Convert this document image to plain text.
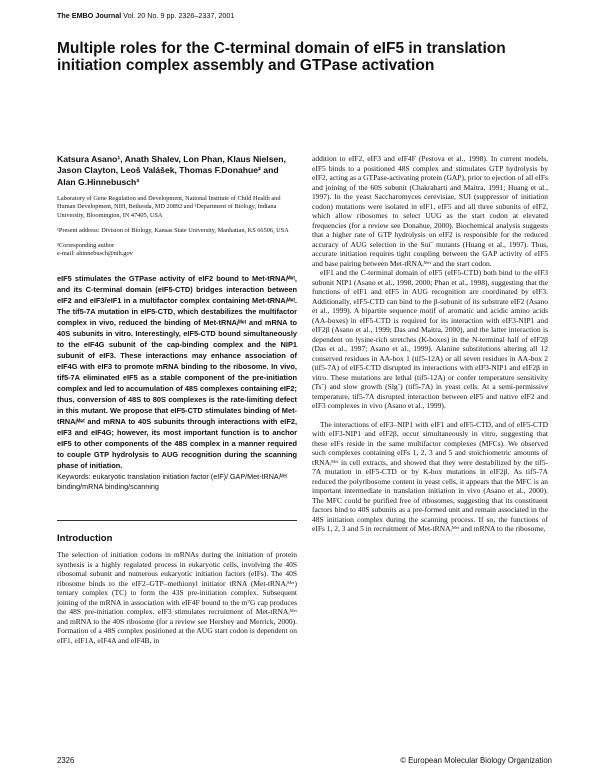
The EMBO Journal Vol. 20 No. 9 pp. 2326–2337, 2001
Multiple roles for the C-terminal domain of eIF5 in translation initiation complex assembly and GTPase activation

Katsura Asano¹, Anath Shalev, Lon Phan, Klaus Nielsen, Jason Clayton, Leoš Valášek, Thomas F.Donahue² and Alan G.Hinnebusch³

Laboratory of Gene Regulation and Development, National Institute of Child Health and Human Development, NIH, Bethesda, MD 20892 and ²Department of Biology, Indiana University, Bloomington, IN 47405, USA

¹Present address: Division of Biology, Kansas State University, Manhattan, KS 66506, USA

³Corresponding author

e-mail: ahinnebusch@nih.gov

eIF5 stimulates the GTPase activity of eIF2 bound to Met-tRNAᵢᴹᵉᵗ, and its C-terminal domain (eIF5-CTD) bridges interaction between eIF2 and eIF3/eIF1 in a multifactor complex containing Met-tRNAᵢᴹᵉᵗ. The tif5-7A mutation in eIF5-CTD, which destabilizes the multifactor complex in vivo, reduced the binding of Met-tRNAᵢᴹᵉᵗ and mRNA to 40S subunits in vitro. Interestingly, eIF5-CTD bound simultaneously to the eIF4G subunit of the cap-binding complex and the NIP1 subunit of eIF3. These interactions may enhance association of eIF4G with eIF3 to promote mRNA binding to the ribosome. In vivo, tif5-7A eliminated eIF5 as a stable component of the pre-initiation complex and led to accumulation of 48S complexes containing eIF2; thus, conversion of 48S to 80S complexes is the rate-limiting defect in this mutant. We propose that eIF5-CTD stimulates binding of Met-tRNAᵢᴹᵉᵗ and mRNA to 40S subunits through interactions with eIF2, eIF3 and eIF4G; however, its most important function is to anchor eIF5 to other components of the 48S complex in a manner required to couple GTP hydrolysis to AUG recognition during the scanning phase of initiation.

Keywords: eukaryotic translation initiation factor (eIF)/ GAP/Met-tRNAᵢᴹᵉᵗ binding/mRNA binding/scanning

Introduction

The selection of initiation codons in mRNAs during the initiation of protein synthesis is a highly regulated process in eukaryotic cells, involving the 40S ribosomal subunit and numerous eukaryotic initiation factors (eIFs). The 40S ribosome binds to the eIF2–GTP–methionyl initiator tRNA (Met-tRNAᵢᴹᵉᵗ) ternary complex (TC) to form the 43S pre-initiation complex. Subsequent joining of the mRNA in association with eIF4F bound to the m⁷G cap produces the 48S pre-initiation complex. eIF3 stimulates recruitment of Met-tRNAᵢᴹᵉᵗ and mRNA to the 40S ribosome (for a review see Hershey and Merrick, 2000). Formation of a 48S complex positioned at the AUG start codon is dependent on eIF1, eIF1A, eIF4A and eIF4B, in

addition to eIF2, eIF3 and eIF4F (Pestova et al., 1998). In current models, eIF5 binds to a positioned 48S complex and stimulates GTP hydrolysis by eIF2, acting as a GTPase-activating protein (GAP), prior to ejection of all eIFs and joining of the 60S subunit (Chakrabarti and Maitra, 1991; Huang et al., 1997). In the yeast Saccharomyces cerevisiae, SUI (suppressor of initiation codon) mutations were isolated in eIF1, eIF5 and all three subunits of eIF2, which allow ribosomes to select UUG as the start codon at elevated frequencies (for a review see Donahue, 2000). Biochemical analysis suggests that a higher rate of GTP hydrolysis on eIF2 is responsible for the reduced accuracy of AUG selection in the Suiˉ mutants (Huang et al., 1997). Thus, accurate initiation requires tight coupling between the GAP activity of eIF5 and base pairing between Met-tRNAᵢᴹᵉᵗ and the start codon.

eIF1 and the C-terminal domain of eIF5 (eIF5-CTD) both bind to the eIF3 subunit NIP1 (Asano et al., 1998, 2000; Phan et al., 1998), suggesting that the functions of eIF1 and eIF5 in AUG recognition are coordinated by eIF3. Additionally, eIF5-CTD can bind to the β-subunit of its substrate eIF2 (Asano et al., 1999). A bipartite sequence motif of aromatic and acidic amino acids (AA-boxes) in eIF5-CTD is required for its interaction with eIF3-NIP1 and eIF2β (Asano et al., 1999; Das and Maitra, 2000), and the latter interaction is dependent on lysine-rich stretches (K-boxes) in the N-terminal half of eIF2β (Das et al., 1997; Asano et al., 1999). Alanine substitutions altering all 12 conserved residues in AA-box 1 (tif5-12A) or all seven residues in AA-box 2 (tif5-7A) of eIF5-CTD disrupted its interactions with eIF3-NIP1 and eIF2β in vitro. These mutations are lethal (tif5-12A) or confer temperature sensitivity (Tsˉ) and slow growth (Slgˉ) (tif5-7A) in yeast cells. At a semi-permissive temperature, tif5-7A disrupted interaction between eIF5 and native eIF2 and eIF3 complexes in vivo (Asano et al., 1999).

The interactions of eIF3–NIP1 with eIF1 and eIF5-CTD, and of eIF5-CTD with eIF3-NIP1 and eIF2β, occur simultaneously in vitro, suggesting that these eIFs reside in the same multifactor complexes (MFCs). We observed such complexes containing eIFs 1, 2, 3 and 5 and stoichiometric amounts of tRNAᵢᴹᵉᵗ in cell extracts, and showed that they were destabilized by the tif5-7A mutation in eIF5-CTD or by K-box mutations in eIF2β. As tif5-7A reduced the polyribosome content in yeast cells, it appears that the MFC is an important intermediate in translation initiation in vivo (Asano et al., 2000). The MFC could be purified free of ribosomes, suggesting that its constituent factors bind to 40S subunits as a pre-formed unit and remain associated in the 48S initiation complex during the scanning process. If so, the functions of eIFs 1, 2, 3 and 5 in recruitment of Met-tRNAᵢᴹᵉᵗ and mRNA to the ribosome,

2326	© European Molecular Biology Organization
